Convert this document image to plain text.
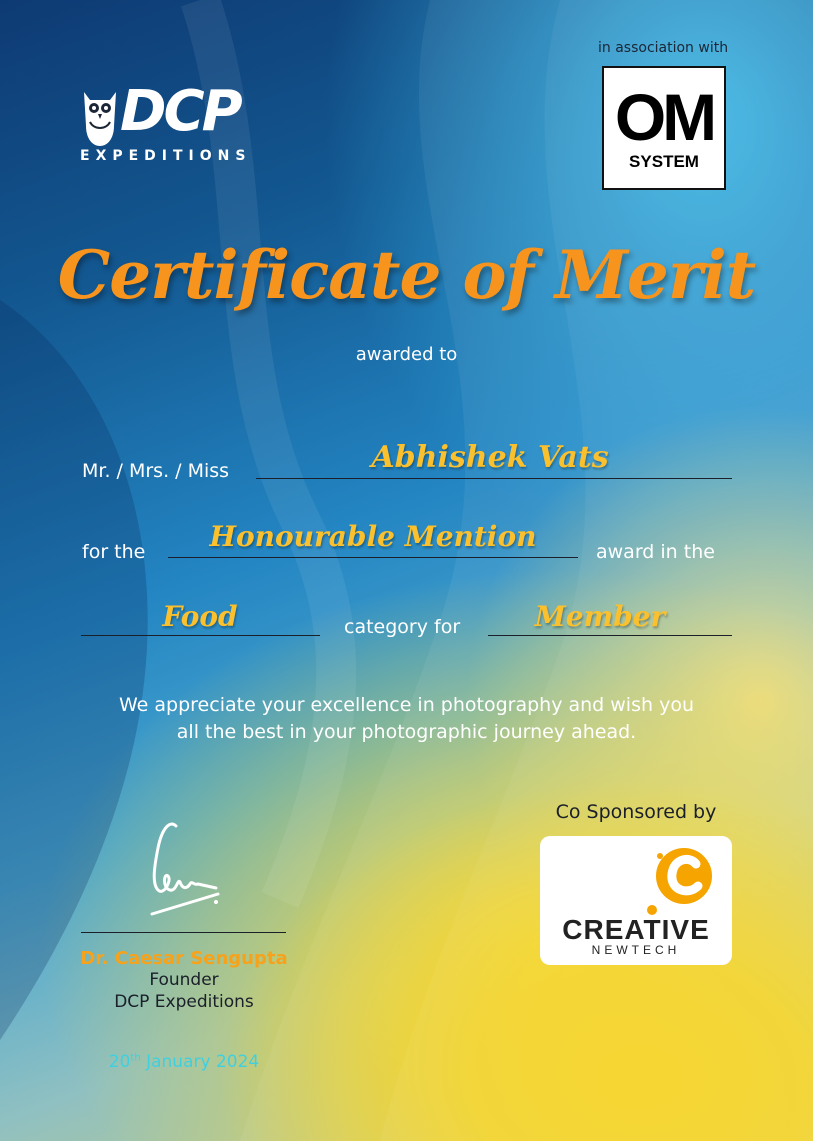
DCP
EXPEDITIONS
in association with
OM
SYSTEM
Certificate of Merit
awarded to
Mr. / Mrs. / Miss	Abhishek Vats
for the	Honourable Mention	award in the
Food	category for	Member
We appreciate your excellence in photography and wish you
all the best in your photographic journey ahead.
Dr. Caesar Sengupta
Founder
DCP Expeditions
20th January 2024
Co Sponsored by
CREATIVE
NEWTECH
